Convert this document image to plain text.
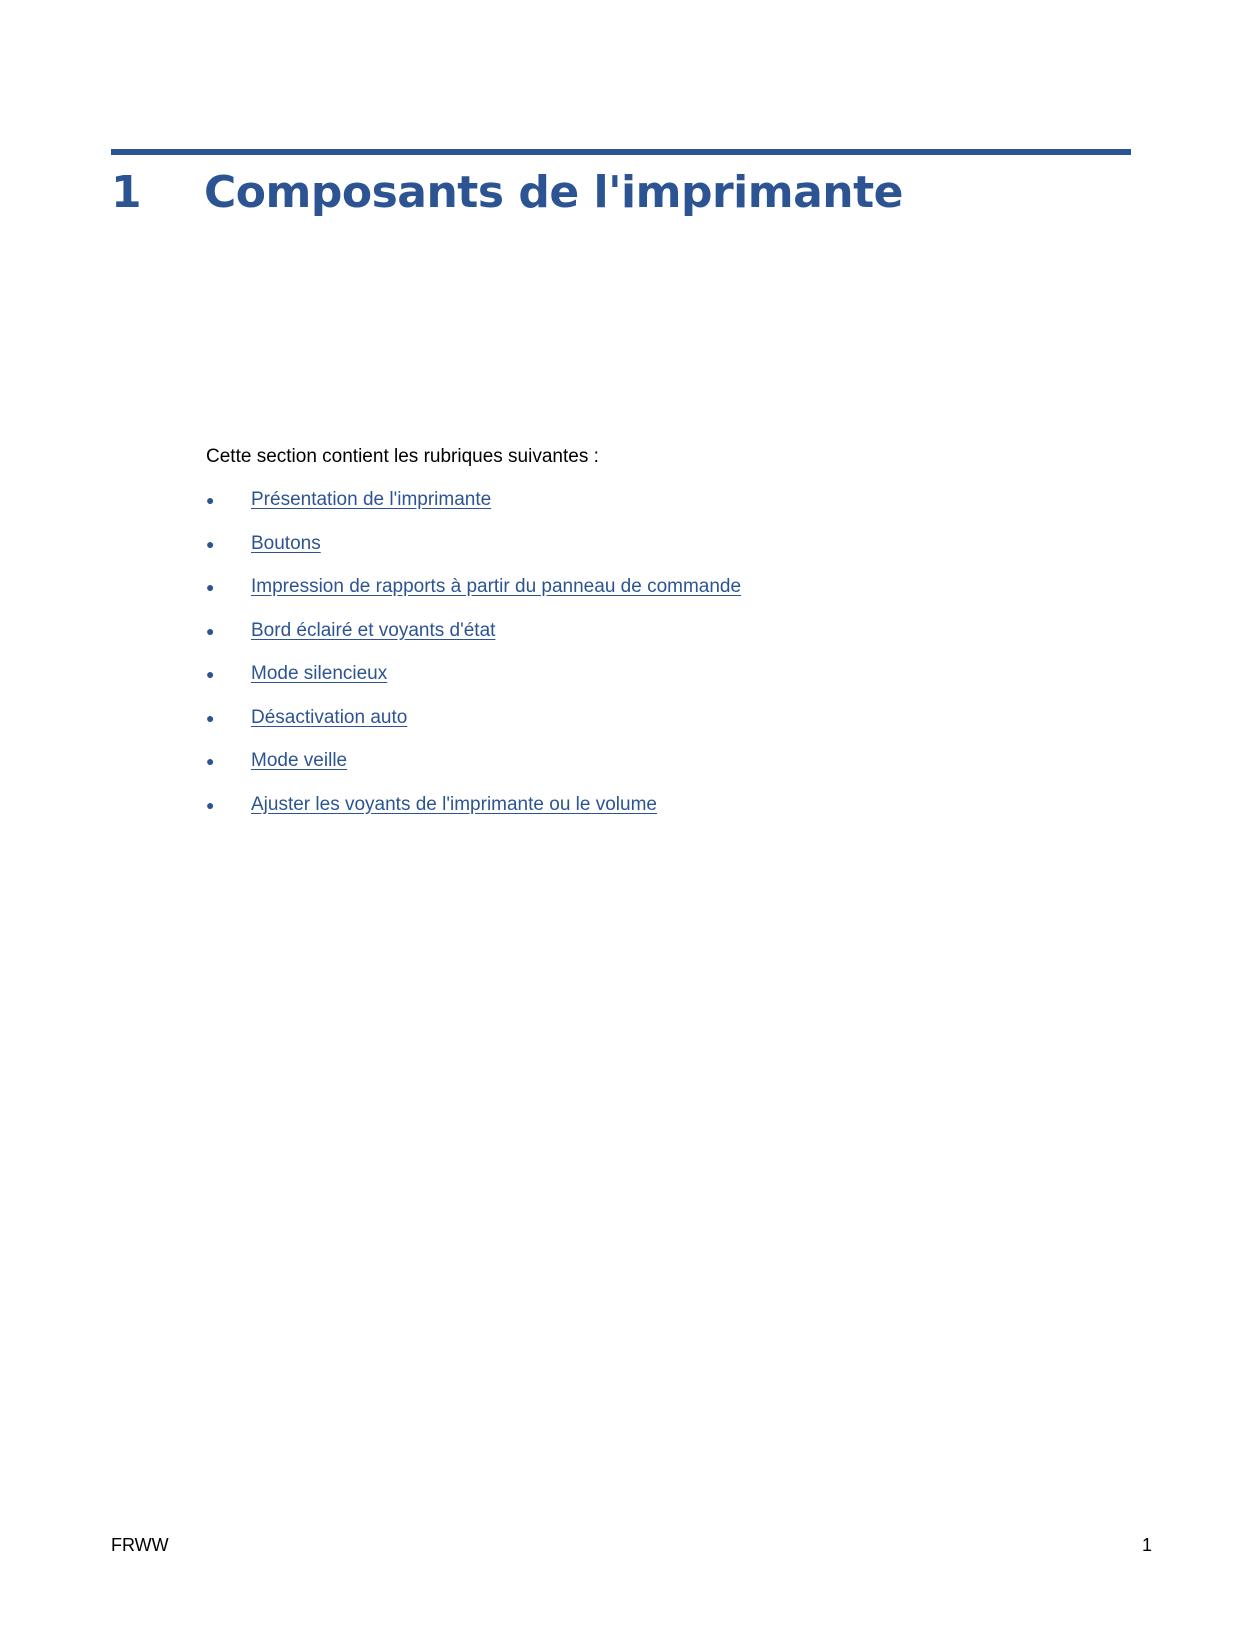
1	Composants de l'imprimante
Cette section contient les rubriques suivantes :
●	Présentation de l'imprimante
●	Boutons
●	Impression de rapports à partir du panneau de commande
●	Bord éclairé et voyants d'état
●	Mode silencieux
●	Désactivation auto
●	Mode veille
●	Ajuster les voyants de l'imprimante ou le volume
FRWW	1
